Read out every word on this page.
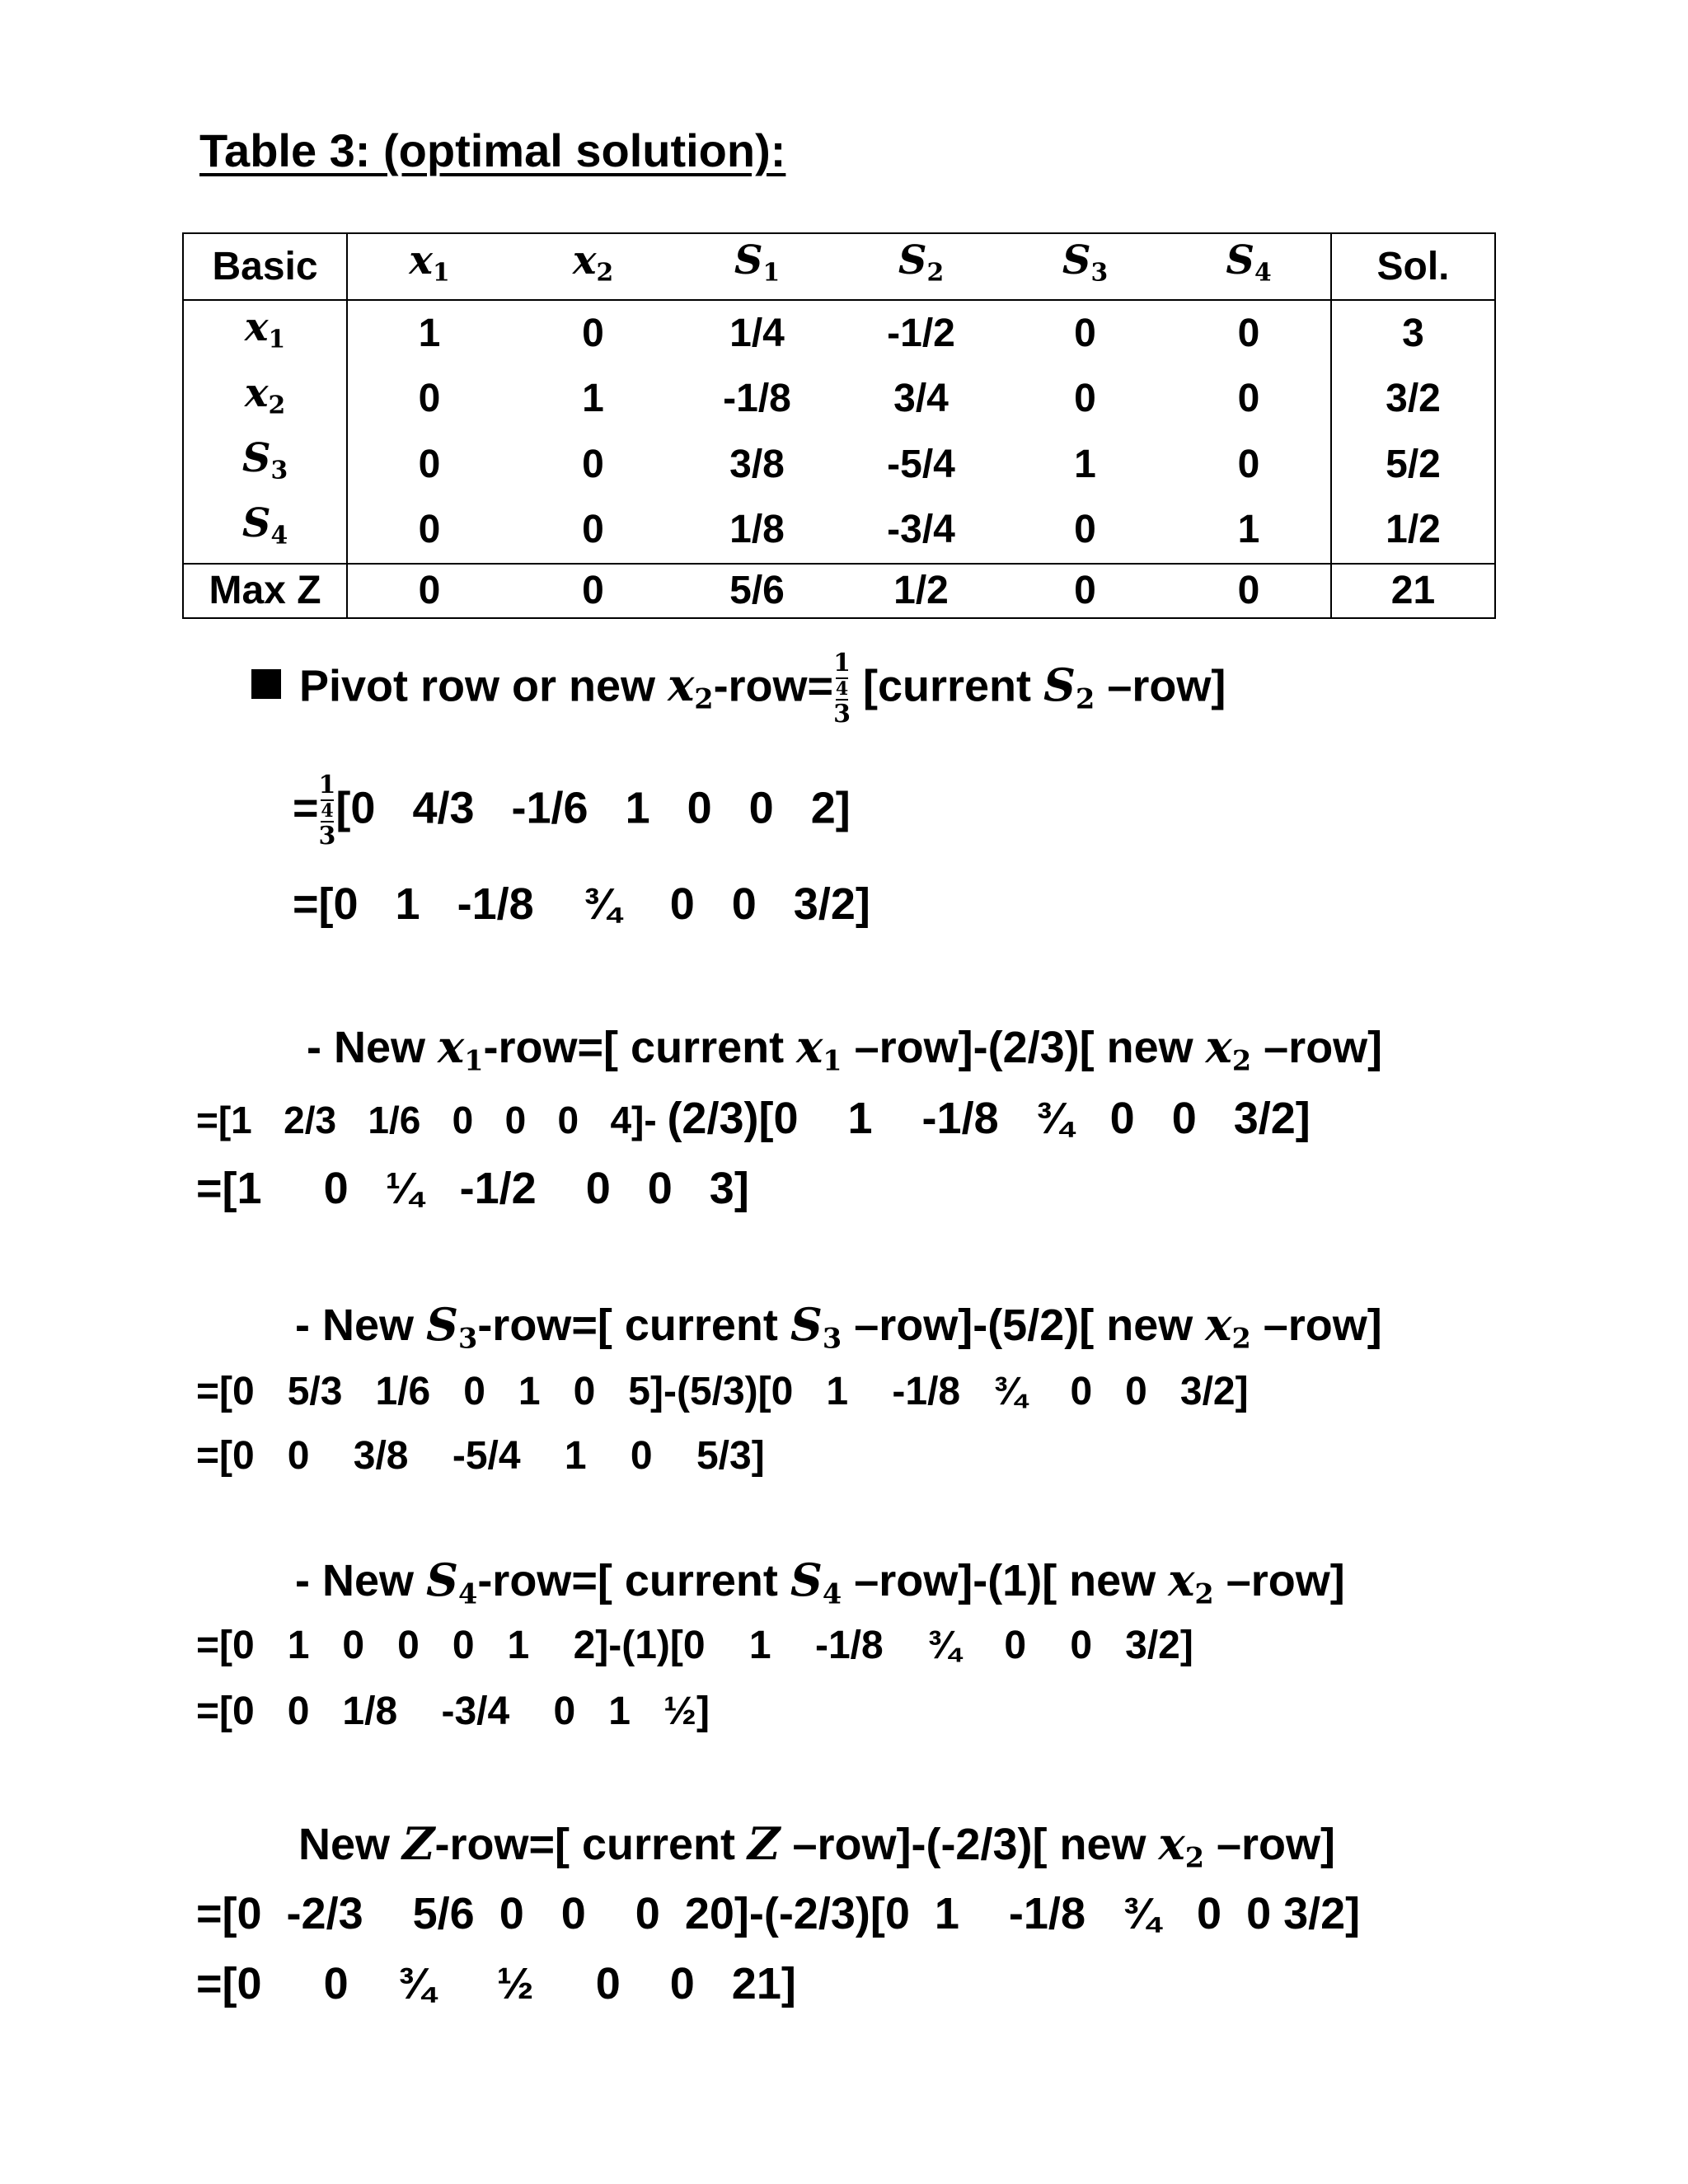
Table 3: (optimal solution):
Basic	$x_1$	$x_2$	$S_1$	$S_2$	$S_3$	$S_4$	Sol.
$x_1$	1	0	1/4	-1/2	0	0	3
$x_2$	0	1	-1/8	3/4	0	0	3/2
$S_3$	0	0	3/8	-5/4	1	0	5/2
$S_4$	0	0	1/8	-3/4	0	1	1/2
Max Z	0	0	5/6	1/2	0	0	21
Pivot row or new $x_2-row= 1$
4
3
[current $S_2$ –row]
= 1
4
3
[0   4/3   -1/6   1   0   0   2]
=[0   1   -1/8    ¾    0   0   3/2]
- New $x_1-row=$[ current $x_1$ –row]-(2/3)[ new $x_2$ –row]
=[1   2/3   1/6   0   0   0   4]- (2/3)[0    1    -1/8   ¾   0   0   3/2]
=[1     0   ¼   -1/2    0   0   3]
- New $S_3-row=$[ current $S_3$ –row]-(5/2)[ new $x_2$ –row]
=[0   5/3   1/6   0   1   0   5]-(5/3)[0   1    -1/8   ¾    0   0   3/2]
=[0   0    3/8    -5/4    1    0    5/3]
- New $S_4-row=$[ current $S_4$ –row]-(1)[ new $x_2$ –row]
=[0   1   0   0   0   1    2]-(1)[0    1    -1/8    ¾    0    0   3/2]
=[0   0   1/8    -3/4    0   1   ½]
New Z-row=[ current Z –row]-(-2/3)[ new $x_2$ –row]
=[0  -2/3    5/6  0   0    0  20]-(-2/3)[0  1    -1/8   ¾   0  0 3/2]
=[0     0    ¾     ½     0    0   21]
